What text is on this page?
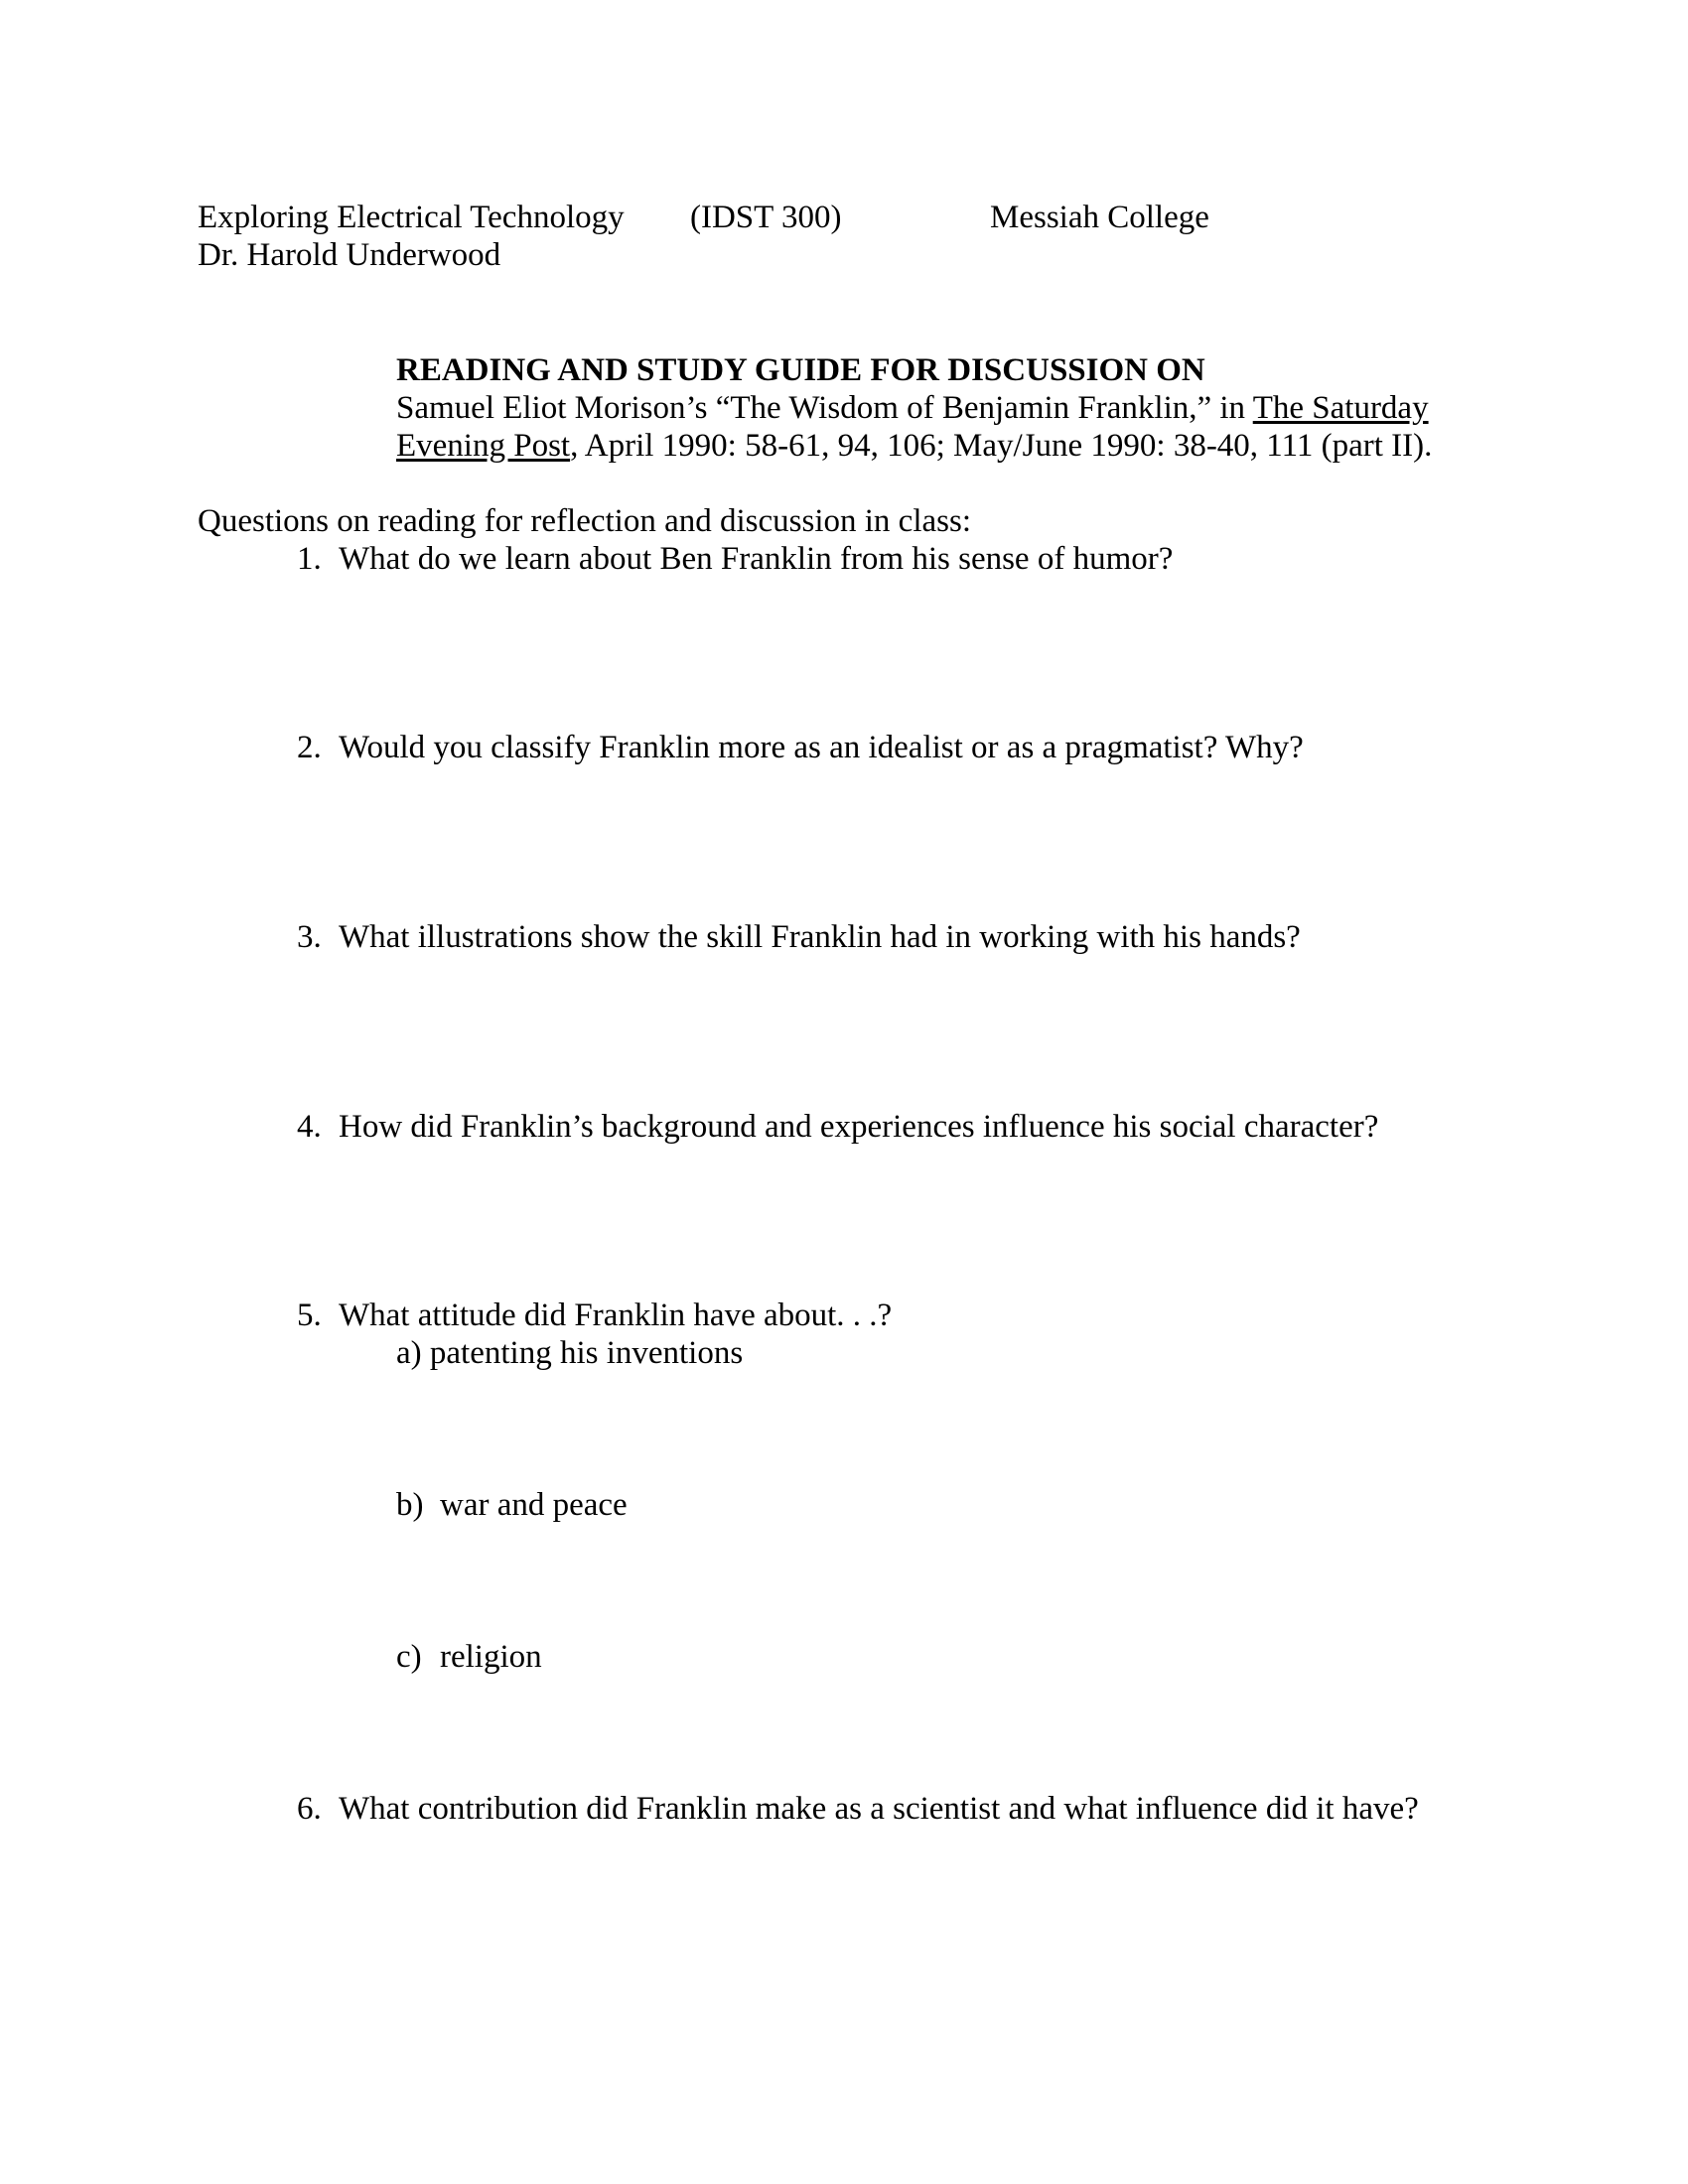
Exploring Electrical Technology (IDST 300)	Messiah College
Dr. Harold Underwood
READING AND STUDY GUIDE FOR DISCUSSION ON
Samuel Eliot Morison’s “The Wisdom of Benjamin Franklin,” in The Saturday
Evening Post, April 1990: 58-61, 94, 106; May/June 1990: 38-40, 111 (part II).
Questions on reading for reflection and discussion in class:
1. What do we learn about Ben Franklin from his sense of humor?
2. Would you classify Franklin more as an idealist or as a pragmatist? Why?
3. What illustrations show the skill Franklin had in working with his hands?
4. How did Franklin’s background and experiences influence his social character?
5. What attitude did Franklin have about. . .?
a) patenting his inventions
b) war and peace
c) religion
6. What contribution did Franklin make as a scientist and what influence did it have?
